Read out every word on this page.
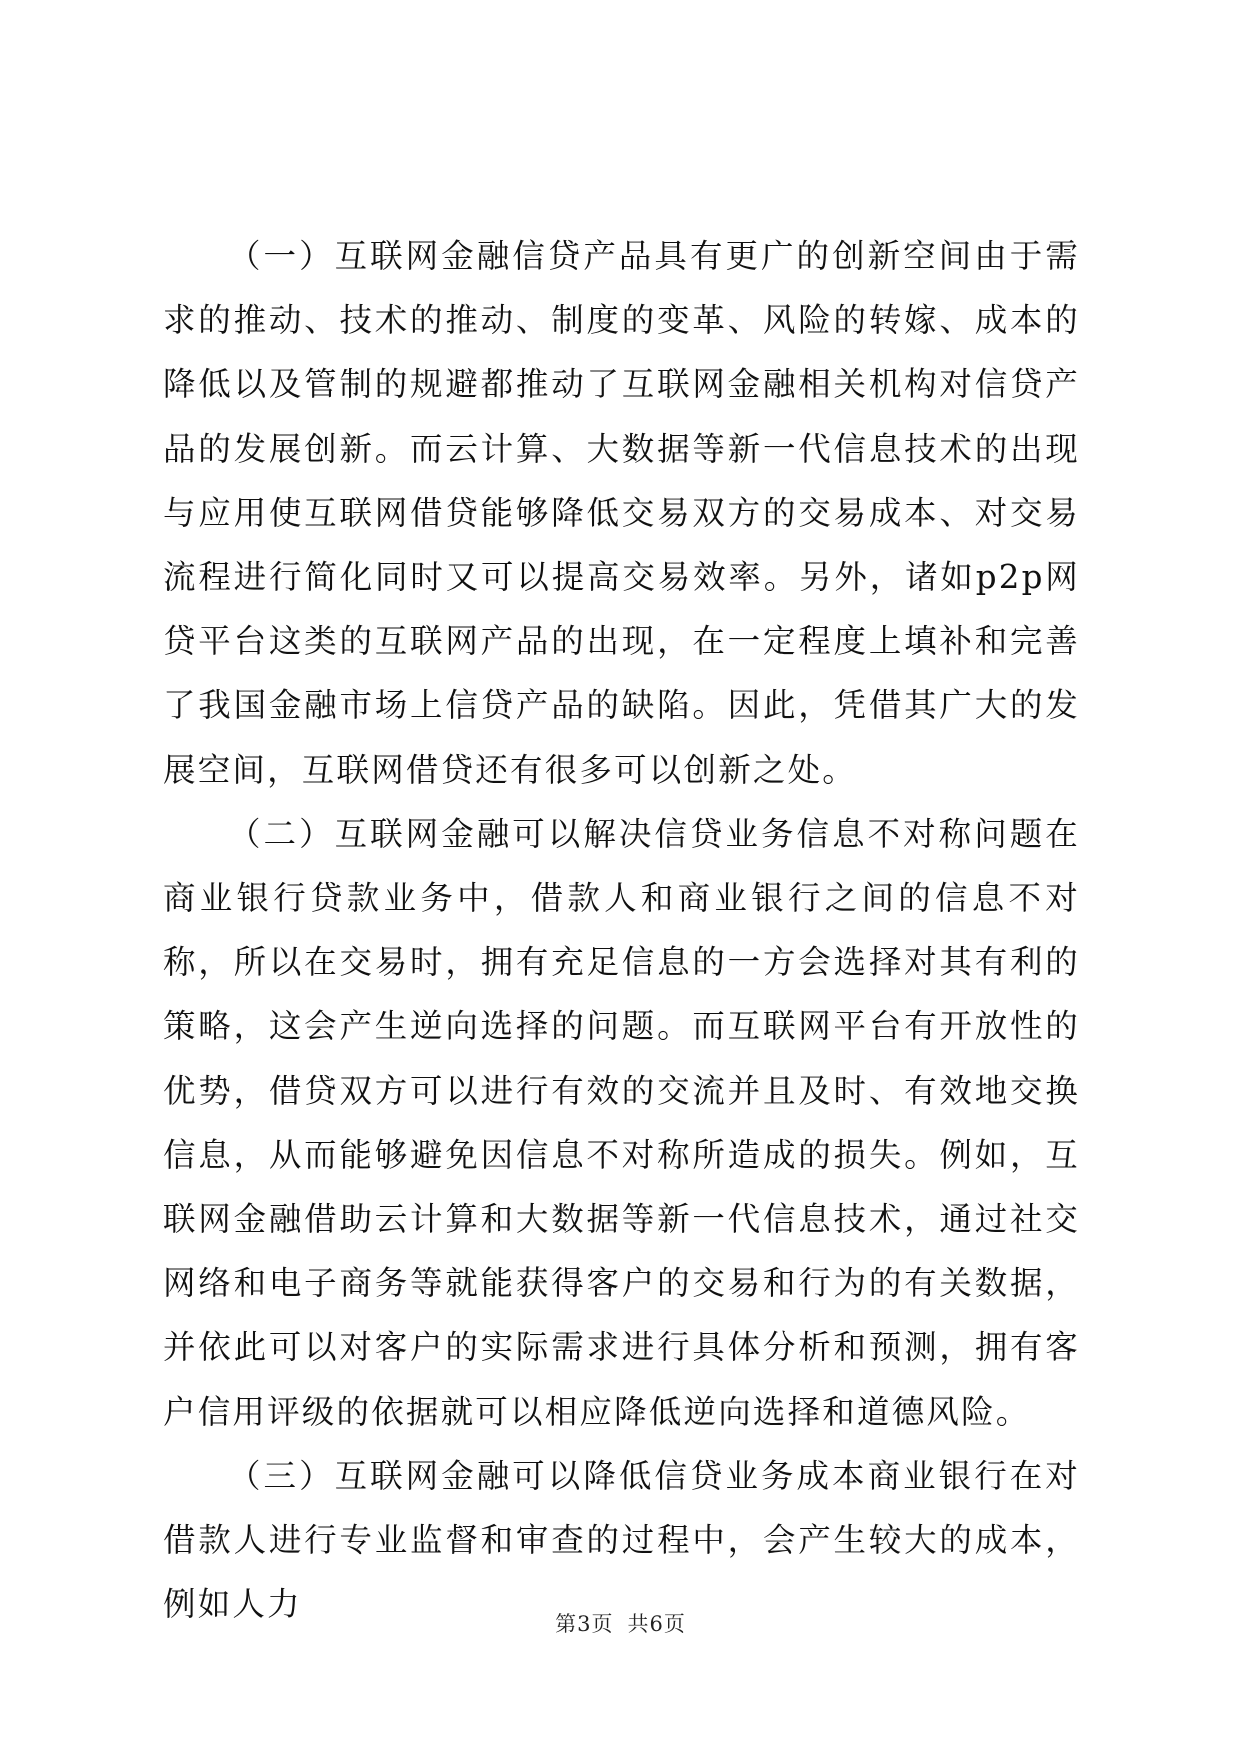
（一）互联网金融信贷产品具有更广的创新空间由于需求的推动、技术的推动、制度的变革、风险的转嫁、成本的降低以及管制的规避都推动了互联网金融相关机构对信贷产品的发展创新。而云计算、大数据等新一代信息技术的出现与应用使互联网借贷能够降低交易双方的交易成本、对交易流程进行简化同时又可以提高交易效率。另外，诸如p2p网贷平台这类的互联网产品的出现，在一定程度上填补和完善了我国金融市场上信贷产品的缺陷。因此，凭借其广大的发展空间，互联网借贷还有很多可以创新之处。

（二）互联网金融可以解决信贷业务信息不对称问题在商业银行贷款业务中，借款人和商业银行之间的信息不对称，所以在交易时，拥有充足信息的一方会选择对其有利的策略，这会产生逆向选择的问题。而互联网平台有开放性的优势，借贷双方可以进行有效的交流并且及时、有效地交换信息，从而能够避免因信息不对称所造成的损失。例如，互联网金融借助云计算和大数据等新一代信息技术，通过社交网络和电子商务等就能获得客户的交易和行为的有关数据，并依此可以对客户的实际需求进行具体分析和预测，拥有客户信用评级的依据就可以相应降低逆向选择和道德风险。

（三）互联网金融可以降低信贷业务成本商业银行在对借款人进行专业监督和审查的过程中，会产生较大的成本，例如人力

第3页 共6页
